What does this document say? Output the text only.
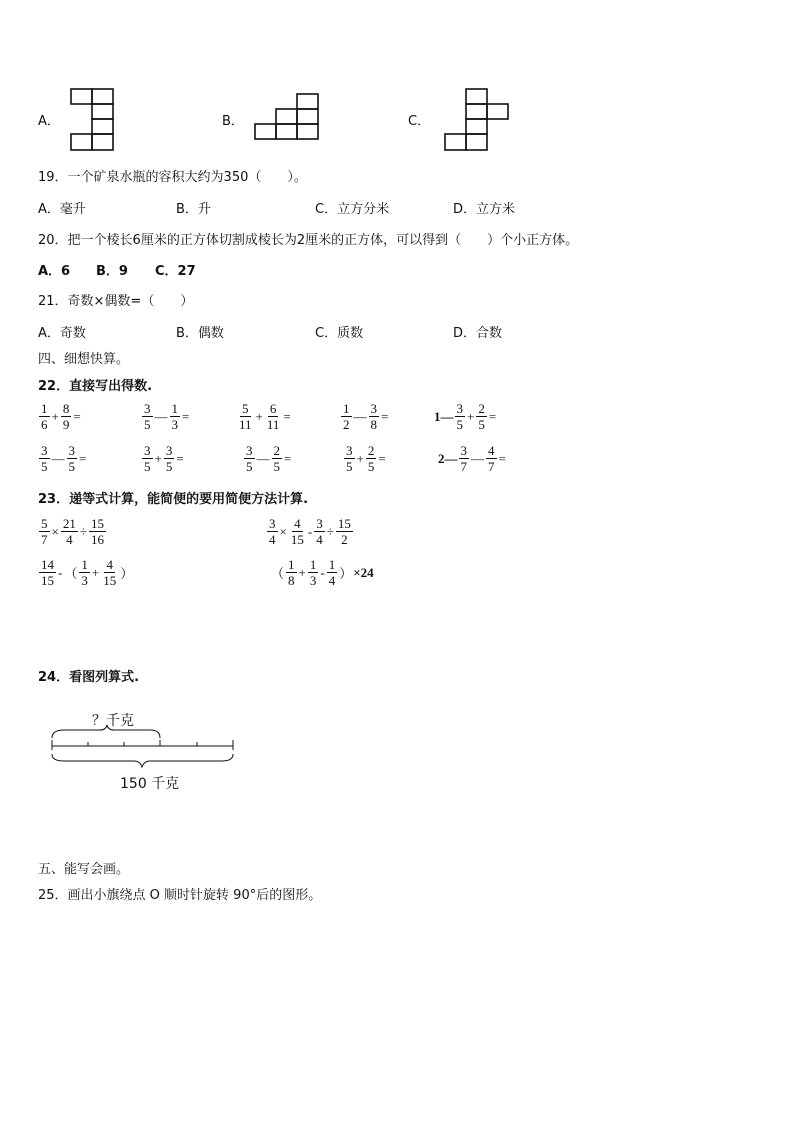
A．	B．	C．
19．一个矿泉水瓶的容积大约为350（　　）。
A．毫升	B．升	C．立方分米	D．立方米
20．把一个棱长6厘米的正方体切割成棱长为2厘米的正方体，可以得到（　　）个小正方体。
A．6 B．9 C．27
21．奇数×偶数=（　　）
A．奇数	B．偶数	C．质数	D．合数
四、细想快算。
22．直接写出得数.
$\frac{1}{6} + \frac{8}{9}$ =	$\frac{3}{5}$ — $\frac{1}{3}$ =	$\frac{5}{11} + \frac{6}{11}$ =	$\frac{1}{2}$ — $\frac{3}{8}$ =	1— $\frac{3}{5} + \frac{2}{5}$ =
$\frac{3}{5}$ — $\frac{3}{5}$ =	$\frac{3}{5} + \frac{3}{5}$ =	$\frac{3}{5}$ — $\frac{2}{5}$ =	$\frac{3}{5} + \frac{2}{5}$ =	2— $\frac{3}{7}$ — $\frac{4}{7}$ =
23．递等式计算，能简便的要用简便方法计算.
$\frac{5}{7} \times \frac{21}{4} \div \frac{15}{16}$	$\frac{3}{4} \times \frac{4}{15} - \frac{3}{4} \div \frac{15}{2}$
$\frac{14}{15}$ - （ $\frac{1}{3} + \frac{4}{15}$ ）	（ $\frac{1}{8} + \frac{1}{3} - \frac{1}{4}$ ） ×24
24．看图列算式.
？千克
150 千克
五、能写会画。
25．画出小旗绕点 O 顺时针旋转 90°后的图形。
